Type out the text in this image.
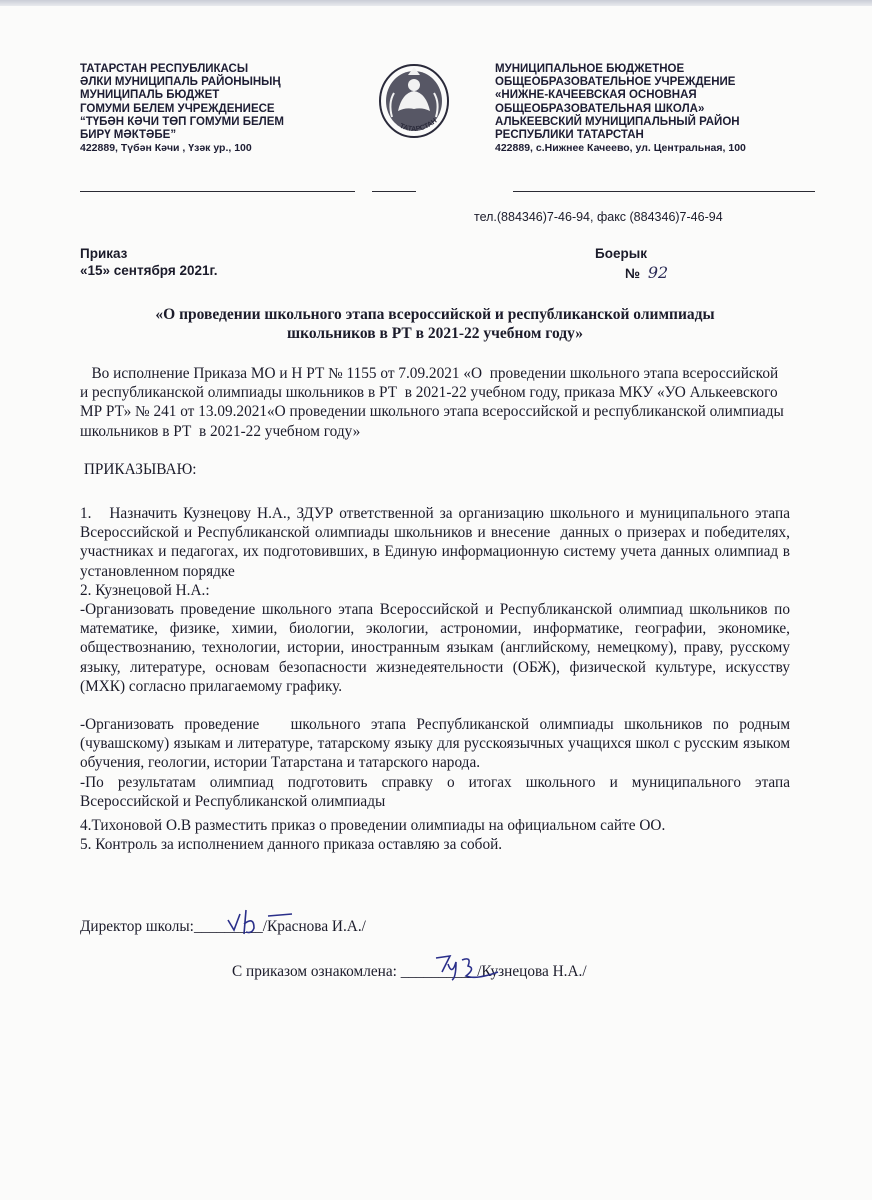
ТАТАРСТАН РЕСПУБЛИКАСЫ
ӘЛКИ МУНИЦИПАЛЬ РАЙОНЫНЫҢ
МУНИЦИПАЛЬ БЮДЖЕТ
ГОМУМИ БЕЛЕМ УЧРЕЖДЕНИЕСЕ
“ТҮБӘН КӘЧИ ТӨП ГОМУМИ БЕЛЕМ
БИРҮ МӘКТӘБЕ”
422889, Түбән Кәчи , Үзәк ур., 100
ТАТАРСТАН
МУНИЦИПАЛЬНОЕ БЮДЖЕТНОЕ
ОБЩЕОБРАЗОВАТЕЛЬНОЕ УЧРЕЖДЕНИЕ
«НИЖНЕ-КАЧЕЕВСКАЯ ОСНОВНАЯ
ОБЩЕОБРАЗОВАТЕЛЬНАЯ ШКОЛА»
АЛЬКЕЕВСКИЙ МУНИЦИПАЛЬНЫЙ РАЙОН
РЕСПУБЛИКИ ТАТАРСТАН
422889, с.Нижнее Качеево, ул. Центральная, 100
тел.(884346)7-46-94, факс (884346)7-46-94
Приказ
«15» сентября 2021г.
Боерык
№ 92
«О проведении школьного этапа всероссийской и республиканской олимпиады
школьников в РТ в 2021-22 учебном году»
Во исполнение Приказа МО и Н РТ № 1155 от 7.09.2021 «О  проведении школьного этапа всероссийской и республиканской олимпиады школьников в РТ  в 2021-22 учебном году, приказа МКУ «УО Алькеевского МР РТ» № 241 от 13.09.2021«О проведении школьного этапа всероссийской и республиканской олимпиады школьников в РТ  в 2021-22 учебном году»
ПРИКАЗЫВАЮ:
1.   Назначить Кузнецову Н.А., ЗДУР ответственной за организацию школьного и муниципального этапа Всероссийской и Республиканской олимпиады школьников и внесение  данных о призерах и победителях, участниках и педагогах, их подготовивших, в Единую информационную систему учета данных олимпиад в установленном порядке
2. Кузнецовой Н.А.:
-Организовать проведение школьного этапа Всероссийской и Республиканской олимпиад школьников по математике, физике, химии, биологии, экологии, астрономии, информатике, географии, экономике, обществознанию, технологии, истории, иностранным языкам (английскому, немецкому), праву, русскому языку, литературе, основам безопасности жизнедеятельности (ОБЖ), физической культуре, искусству (МХК) согласно прилагаемому графику.
-Организовать проведение   школьного этапа Республиканской олимпиады школьников по родным (чувашскому) языкам и литературе, татарскому языку для русскоязычных учащихся школ с русским языком обучения, геологии, истории Татарстана и татарского народа.
-По результатам олимпиад подготовить справку о итогах школьного и муниципального этапа Всероссийской и Республиканской олимпиады
4.Тихоновой О.В разместить приказ о проведении олимпиады на официальном сайте ОО.
5. Контроль за исполнением данного приказа оставляю за собой.
Директор школы:_________/Краснова И.А./
С приказом ознакомлена: __________/Кузнецова Н.А./
